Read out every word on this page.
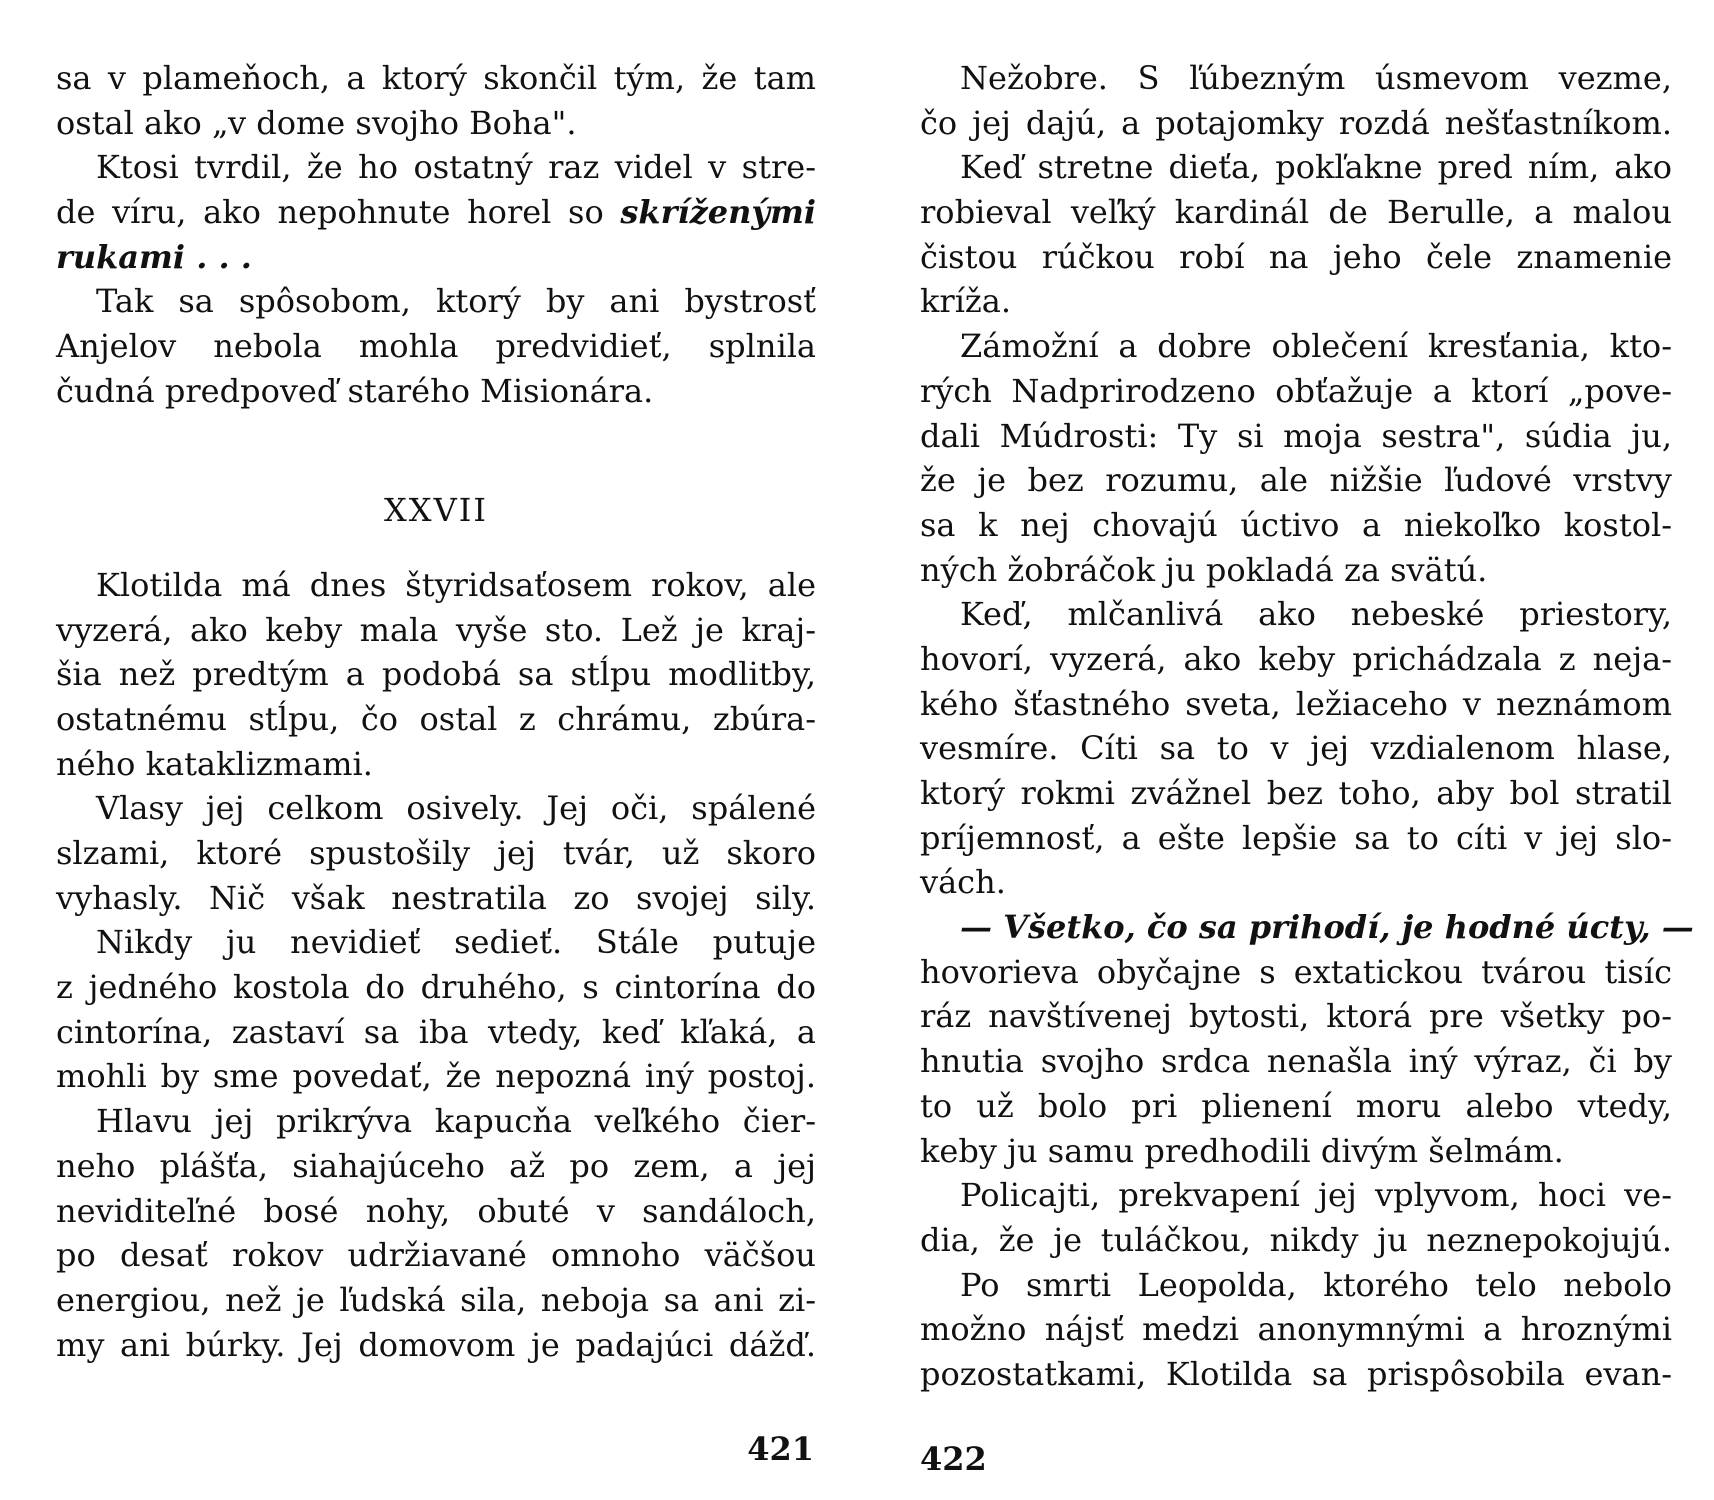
sa v plameňoch, a ktorý skončil tým, že tam
ostal ako „v dome svojho Boha".
Ktosi tvrdil, že ho ostatný raz videl v stre-
de víru, ako nepohnute horel so skríženými
rukami . . .
Tak sa spôsobom, ktorý by ani bystrosť
Anjelov nebola mohla predvidieť, splnila
čudná predpoveď starého Misionára.
XXVII
Klotilda má dnes štyridsaťosem rokov, ale
vyzerá, ako keby mala vyše sto. Lež je kraj-
šia než predtým a podobá sa stĺpu modlitby,
ostatnému stĺpu, čo ostal z chrámu, zbúra-
ného kataklizmami.
Vlasy jej celkom osively. Jej oči, spálené
slzami, ktoré spustošily jej tvár, už skoro
vyhasly. Nič však nestratila zo svojej sily.
Nikdy ju nevidieť sedieť. Stále putuje
z jedného kostola do druhého, s cintorína do
cintorína, zastaví sa iba vtedy, keď kľaká, a
mohli by sme povedať, že nepozná iný postoj.
Hlavu jej prikrýva kapucňa veľkého čier-
neho plášťa, siahajúceho až po zem, a jej
neviditeľné bosé nohy, obuté v sandáloch,
po desať rokov udržiavané omnoho väčšou
energiou, než je ľudská sila, neboja sa ani zi-
my ani búrky. Jej domovom je padajúci dážď.
421
Nežobre. S ľúbezným úsmevom vezme,
čo jej dajú, a potajomky rozdá nešťastníkom.
Keď stretne dieťa, pokľakne pred ním, ako
robieval veľký kardinál de Berulle, a malou
čistou rúčkou robí na jeho čele znamenie
kríža.
Zámožní a dobre oblečení kresťania, kto-
rých Nadprirodzeno obťažuje a ktorí „pove-
dali Múdrosti: Ty si moja sestra", súdia ju,
že je bez rozumu, ale nižšie ľudové vrstvy
sa k nej chovajú úctivo a niekoľko kostol-
ných žobráčok ju pokladá za svätú.
Keď, mlčanlivá ako nebeské priestory,
hovorí, vyzerá, ako keby prichádzala z neja-
kého šťastného sveta, ležiaceho v neznámom
vesmíre. Cíti sa to v jej vzdialenom hlase,
ktorý rokmi zvážnel bez toho, aby bol stratil
príjemnosť, a ešte lepšie sa to cíti v jej slo-
vách.
— Všetko, čo sa prihodí, je hodné úcty, —
hovorieva obyčajne s extatickou tvárou tisíc
ráz navštívenej bytosti, ktorá pre všetky po-
hnutia svojho srdca nenašla iný výraz, či by
to už bolo pri plienení moru alebo vtedy,
keby ju samu predhodili divým šelmám.
Policajti, prekvapení jej vplyvom, hoci ve-
dia, že je tuláčkou, nikdy ju neznepokojujú.
Po smrti Leopolda, ktorého telo nebolo
možno nájsť medzi anonymnými a hroznými
pozostatkami, Klotilda sa prispôsobila evan-
422
